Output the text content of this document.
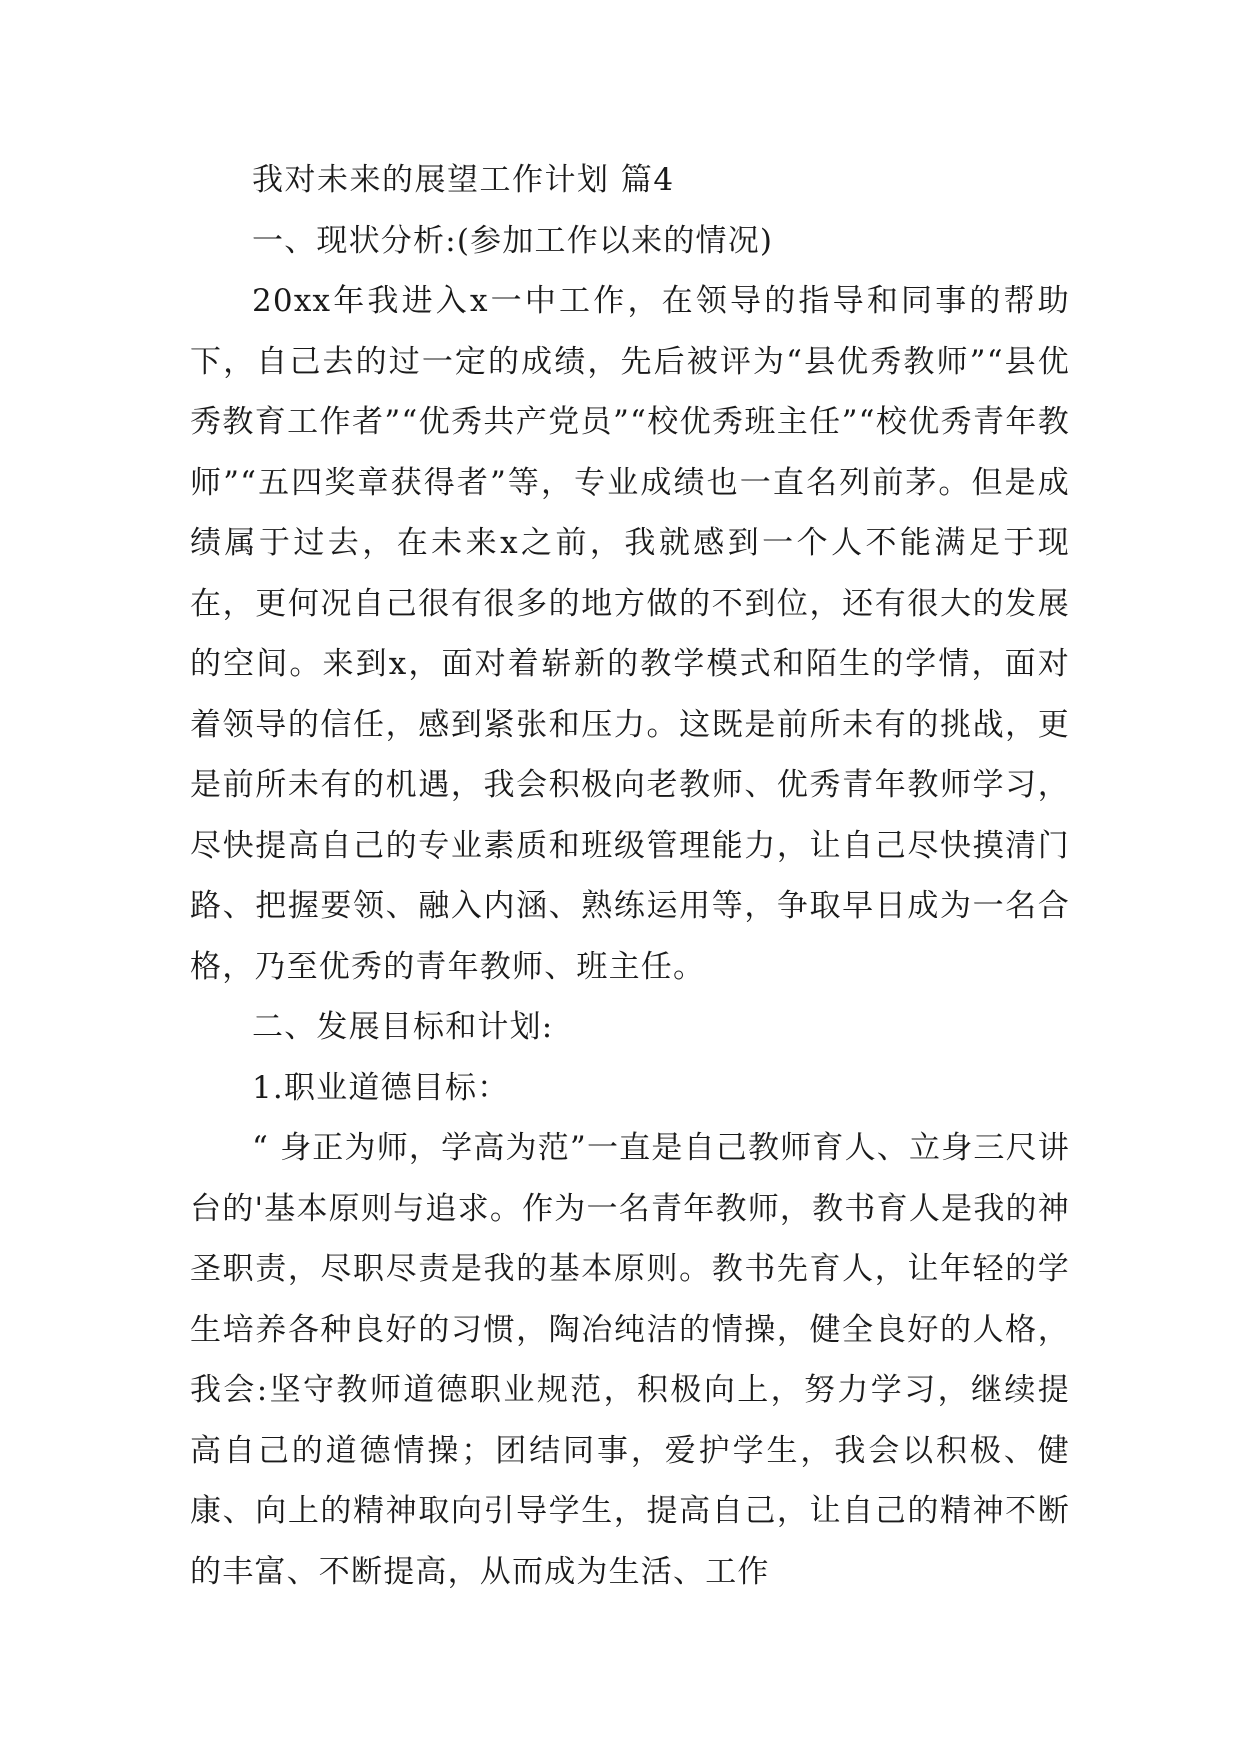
我对未来的展望工作计划 篇4

一、现状分析:(参加工作以来的情况)

20xx年我进入x一中工作，在领导的指导和同事的帮助下，自己去的过一定的成绩，先后被评为“县优秀教师”“县优秀教育工作者”“优秀共产党员”“校优秀班主任”“校优秀青年教师”“五四奖章获得者”等，专业成绩也一直名列前茅。但是成绩属于过去，在未来x之前，我就感到一个人不能满足于现在，更何况自己很有很多的地方做的不到位，还有很大的发展的空间。来到x，面对着崭新的教学模式和陌生的学情，面对着领导的信任，感到紧张和压力。这既是前所未有的挑战，更是前所未有的机遇，我会积极向老教师、优秀青年教师学习，尽快提高自己的专业素质和班级管理能力，让自己尽快摸清门路、把握要领、融入内涵、熟练运用等，争取早日成为一名合格，乃至优秀的青年教师、班主任。

二、发展目标和计划:

1.职业道德目标：

“ 身正为师，学高为范”一直是自己教师育人、立身三尺讲台的'基本原则与追求。作为一名青年教师，教书育人是我的神圣职责，尽职尽责是我的基本原则。教书先育人，让年轻的学生培养各种良好的习惯，陶冶纯洁的情操，健全良好的人格，我会:坚守教师道德职业规范，积极向上，努力学习，继续提高自己的道德情操；团结同事，爱护学生，我会以积极、健康、向上的精神取向引导学生，提高自己，让自己的精神不断的丰富、不断提高，从而成为生活、工作
